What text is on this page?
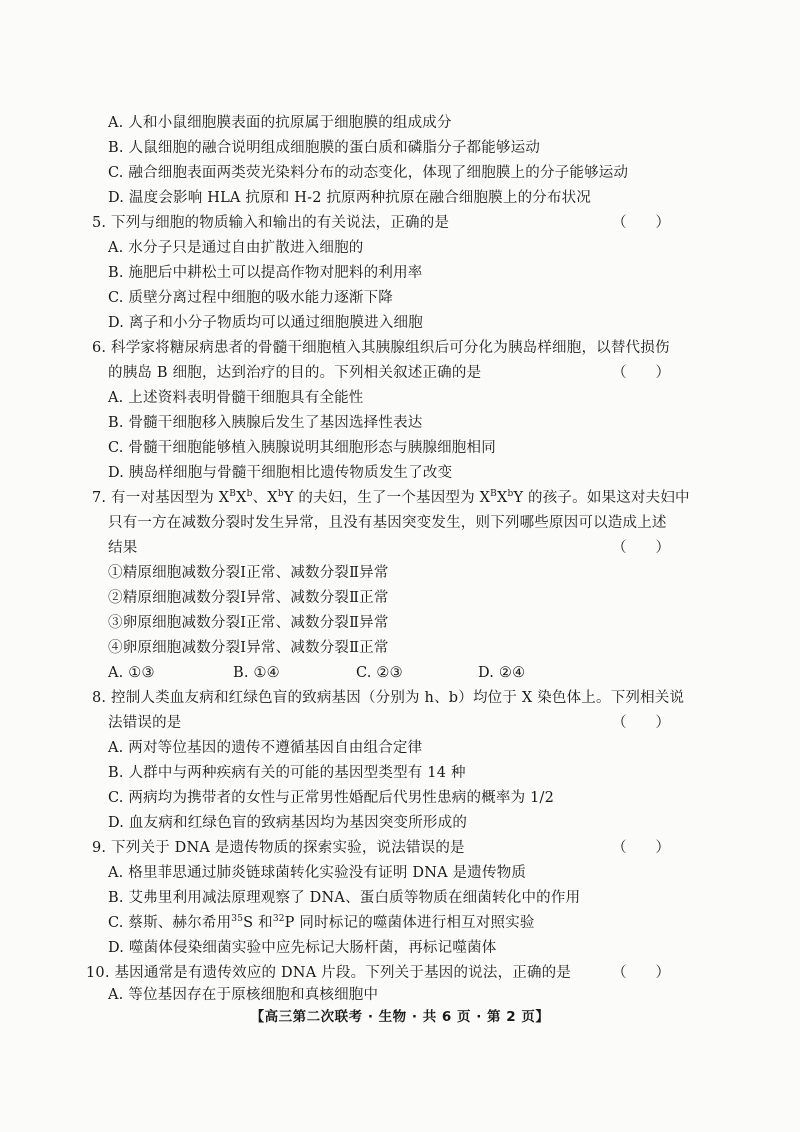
A. 人和小鼠细胞膜表面的抗原属于细胞膜的组成成分
B. 人鼠细胞的融合说明组成细胞膜的蛋白质和磷脂分子都能够运动
C. 融合细胞表面两类荧光染料分布的动态变化，体现了细胞膜上的分子能够运动
D. 温度会影响 HLA 抗原和 H-2 抗原两种抗原在融合细胞膜上的分布状况
5. 下列与细胞的物质输入和输出的有关说法，正确的是	（　　）
A. 水分子只是通过自由扩散进入细胞的
B. 施肥后中耕松土可以提高作物对肥料的利用率
C. 质壁分离过程中细胞的吸水能力逐渐下降
D. 离子和小分子物质均可以通过细胞膜进入细胞
6. 科学家将糖尿病患者的骨髓干细胞植入其胰腺组织后可分化为胰岛样细胞，以替代损伤
的胰岛 B 细胞，达到治疗的目的。下列相关叙述正确的是	（　　）
A. 上述资料表明骨髓干细胞具有全能性
B. 骨髓干细胞移入胰腺后发生了基因选择性表达
C. 骨髓干细胞能够植入胰腺说明其细胞形态与胰腺细胞相同
D. 胰岛样细胞与骨髓干细胞相比遗传物质发生了改变
7. 有一对基因型为 $X^BX^b$、$X^bY$ 的夫妇，生了一个基因型为 $X^BX^bY$ 的孩子。如果这对夫妇中
只有一方在减数分裂时发生异常，且没有基因突变发生，则下列哪些原因可以造成上述
结果	（　　）
①精原细胞减数分裂Ⅰ正常、减数分裂Ⅱ异常
②精原细胞减数分裂Ⅰ异常、减数分裂Ⅱ正常
③卵原细胞减数分裂Ⅰ正常、减数分裂Ⅱ异常
④卵原细胞减数分裂Ⅰ异常、减数分裂Ⅱ正常
A. ①③	B. ①④	C. ②③	D. ②④
8. 控制人类血友病和红绿色盲的致病基因（分别为 h、b）均位于 X 染色体上。下列相关说
法错误的是	（　　）
A. 两对等位基因的遗传不遵循基因自由组合定律
B. 人群中与两种疾病有关的可能的基因型类型有 14 种
C. 两病均为携带者的女性与正常男性婚配后代男性患病的概率为 1/2
D. 血友病和红绿色盲的致病基因均为基因突变所形成的
9. 下列关于 DNA 是遗传物质的探索实验，说法错误的是	（　　）
A. 格里菲思通过肺炎链球菌转化实验没有证明 DNA 是遗传物质
B. 艾弗里利用减法原理观察了 DNA、蛋白质等物质在细菌转化中的作用
C. 蔡斯、赫尔希用$^{35}$S 和$^{32}$P 同时标记的噬菌体进行相互对照实验
D. 噬菌体侵染细菌实验中应先标记大肠杆菌，再标记噬菌体
10. 基因通常是有遗传效应的 DNA 片段。下列关于基因的说法，正确的是	（　　）
A. 等位基因存在于原核细胞和真核细胞中
【高三第二次联考 · 生物 · 共 6 页 · 第 2 页】
